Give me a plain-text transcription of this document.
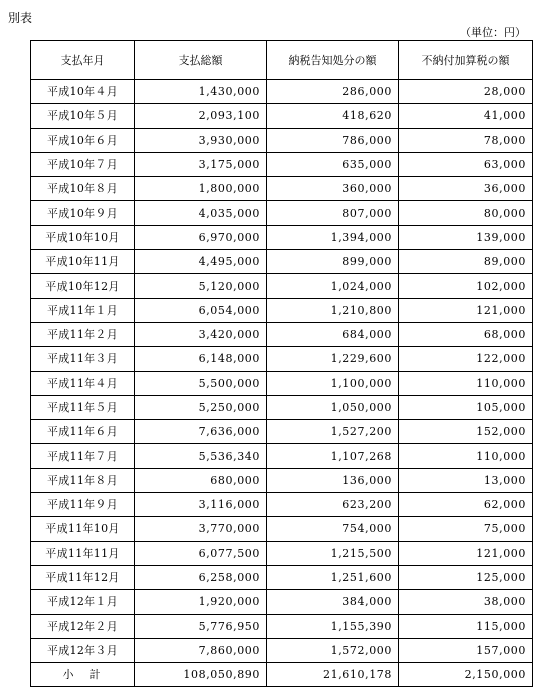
別表
（単位：円）
支払年月	支払総額	納税告知処分の額	不納付加算税の額
平成10年４月	1,430,000	286,000	28,000
平成10年５月	2,093,100	418,620	41,000
平成10年６月	3,930,000	786,000	78,000
平成10年７月	3,175,000	635,000	63,000
平成10年８月	1,800,000	360,000	36,000
平成10年９月	4,035,000	807,000	80,000
平成10年10月	6,970,000	1,394,000	139,000
平成10年11月	4,495,000	899,000	89,000
平成10年12月	5,120,000	1,024,000	102,000
平成11年１月	6,054,000	1,210,800	121,000
平成11年２月	3,420,000	684,000	68,000
平成11年３月	6,148,000	1,229,600	122,000
平成11年４月	5,500,000	1,100,000	110,000
平成11年５月	5,250,000	1,050,000	105,000
平成11年６月	7,636,000	1,527,200	152,000
平成11年７月	5,536,340	1,107,268	110,000
平成11年８月	680,000	136,000	13,000
平成11年９月	3,116,000	623,200	62,000
平成11年10月	3,770,000	754,000	75,000
平成11年11月	6,077,500	1,215,500	121,000
平成11年12月	6,258,000	1,251,600	125,000
平成12年１月	1,920,000	384,000	38,000
平成12年２月	5,776,950	1,155,390	115,000
平成12年３月	7,860,000	1,572,000	157,000
小計	108,050,890	21,610,178	2,150,000
